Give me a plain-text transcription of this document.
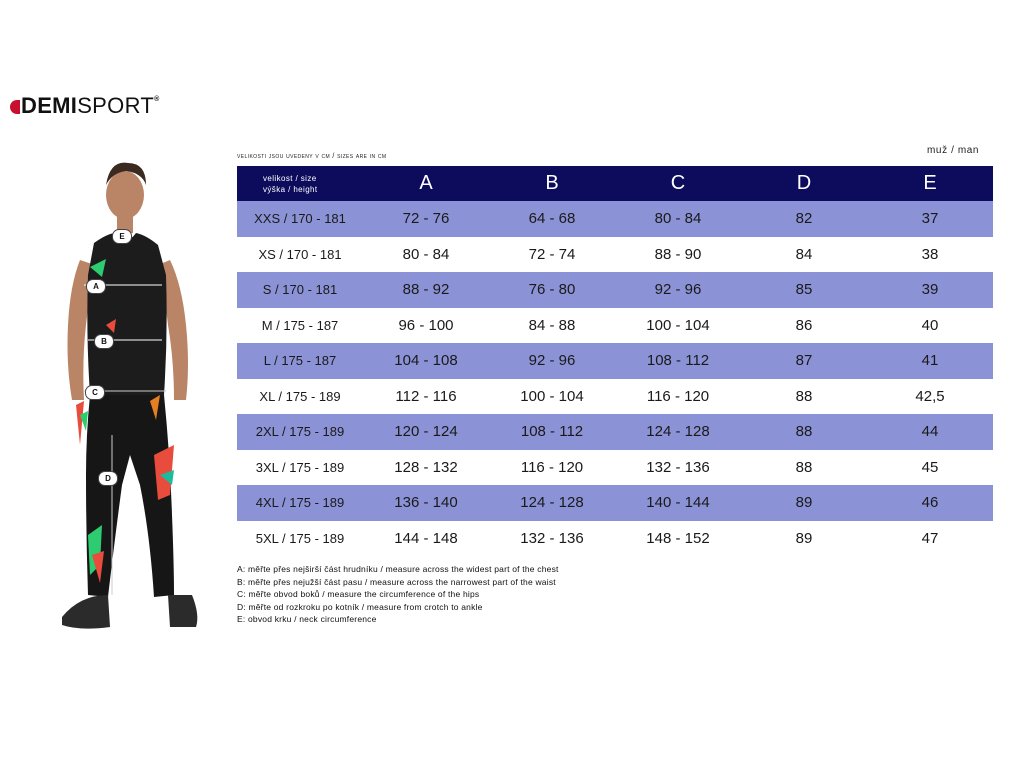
DEMISPORT®
velikosti jsou uvedeny v cm / sizes are in cm
muž / man
E
A
B
C
D
velikost / size
výška / height	A	B	C	D	E
XXS / 170 - 181	72 - 76	64 - 68	80 - 84	82	37
XS / 170 - 181	80 - 84	72 - 74	88 - 90	84	38
S / 170 - 181	88 - 92	76 - 80	92 - 96	85	39
M / 175 - 187	96 - 100	84 - 88	100 - 104	86	40
L / 175 - 187	104 - 108	92 - 96	108 - 112	87	41
XL / 175 - 189	112 - 116	100 - 104	116 - 120	88	42,5
2XL / 175 - 189	120 - 124	108 - 112	124 - 128	88	44
3XL / 175 - 189	128 - 132	116 - 120	132 - 136	88	45
4XL / 175 - 189	136 - 140	124 - 128	140 - 144	89	46
5XL / 175 - 189	144 - 148	132 - 136	148 - 152	89	47
A: měřte přes nejširší část hrudníku / measure across the widest part of the chest
B: měřte přes nejužší část pasu / measure across the narrowest part of the waist
C: měřte obvod boků / measure the circumference of the hips
D: měřte od rozkroku po kotník / measure from crotch to ankle
E: obvod krku / neck circumference
